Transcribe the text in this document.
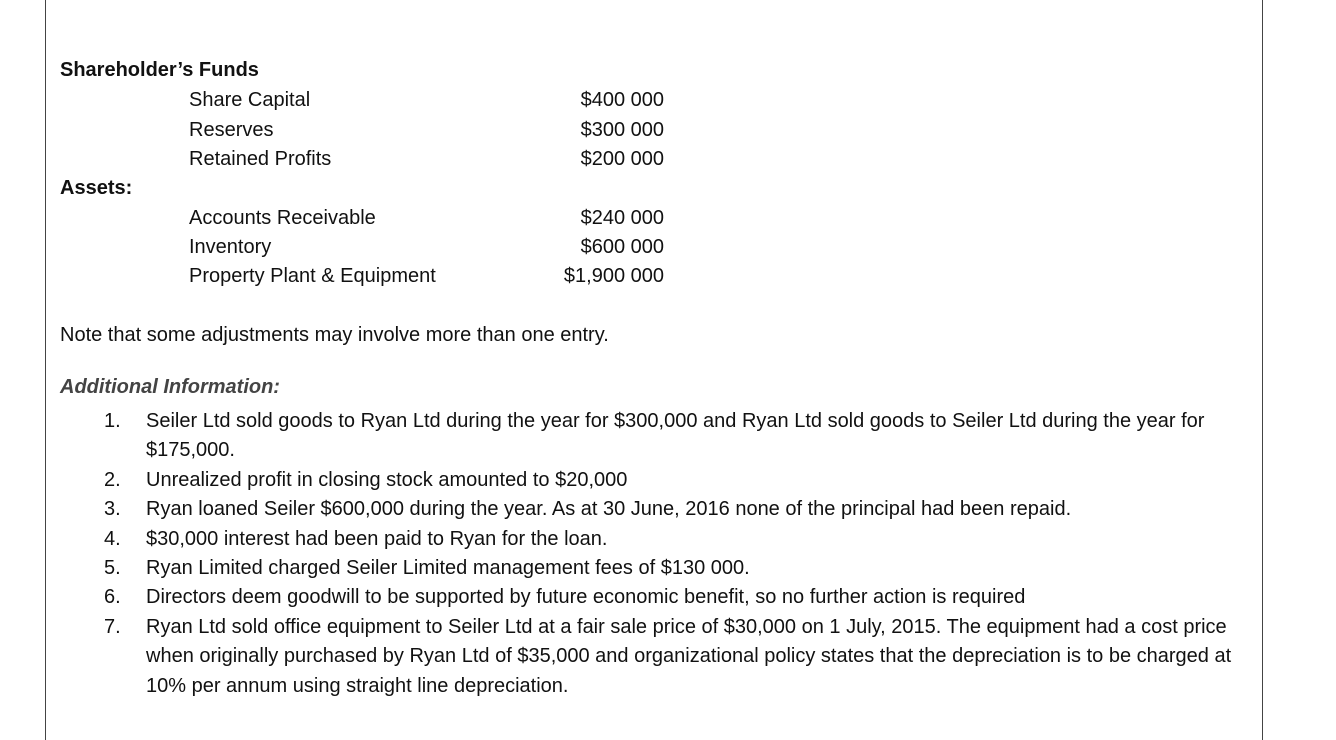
Shareholder’s Funds
Share Capital	$400 000
Reserves	$300 000
Retained Profits	$200 000
Assets:
Accounts Receivable	$240 000
Inventory	$600 000
Property Plant & Equipment	$1,900 000
Note that some adjustments may involve more than one entry.
Additional Information:
1. Seiler Ltd sold goods to Ryan Ltd during the year for $300,000 and Ryan Ltd sold goods to Seiler Ltd during the year for $175,000.
2. Unrealized profit in closing stock amounted to $20,000
3. Ryan loaned Seiler $600,000 during the year. As at 30 June, 2016 none of the principal had been repaid.
4. $30,000 interest had been paid to Ryan for the loan.
5. Ryan Limited charged Seiler Limited management fees of $130 000.
6. Directors deem goodwill to be supported by future economic benefit, so no further action is required
7. Ryan Ltd sold office equipment to Seiler Ltd at a fair sale price of $30,000 on 1 July, 2015. The equipment had a cost price when originally purchased by Ryan Ltd of $35,000 and organizational policy states that the depreciation is to be charged at 10% per annum using straight line depreciation.
